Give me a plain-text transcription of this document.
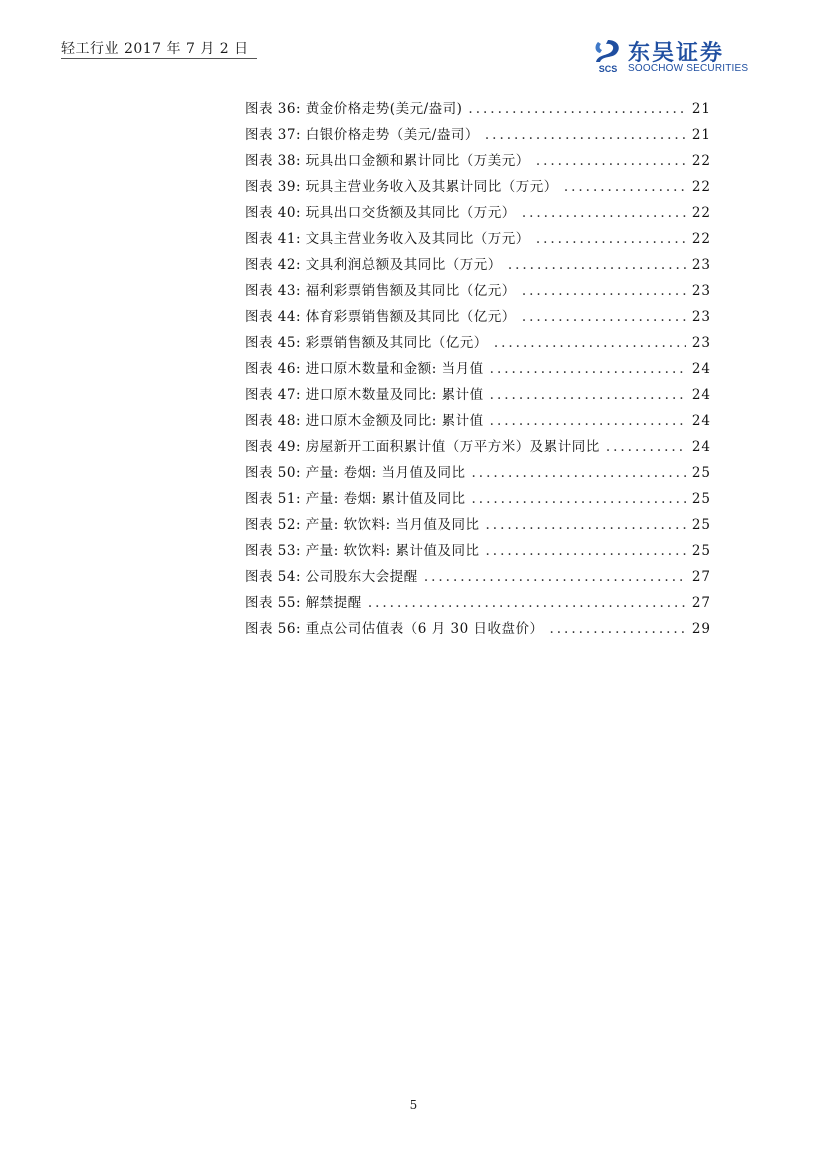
轻工行业 2017 年 7 月 2 日
SCS
东吴证券
SOOCHOW SECURITIES
图表 36: 黄金价格走势(美元/盎司) .....	21
图表 37: 白银价格走势（美元/盎司） .....	21
图表 38: 玩具出口金额和累计同比（万美元） .....	22
图表 39: 玩具主营业务收入及其累计同比（万元） .....	22
图表 40: 玩具出口交货额及其同比（万元） .....	22
图表 41: 文具主营业务收入及其同比（万元） .....	22
图表 42: 文具利润总额及其同比（万元） .....	23
图表 43: 福利彩票销售额及其同比（亿元） .....	23
图表 44: 体育彩票销售额及其同比（亿元） .....	23
图表 45: 彩票销售额及其同比（亿元） .....	23
图表 46: 进口原木数量和金额: 当月值 .....	24
图表 47: 进口原木数量及同比: 累计值 .....	24
图表 48: 进口原木金额及同比: 累计值 .....	24
图表 49: 房屋新开工面积累计值（万平方米）及累计同比 .....	24
图表 50: 产量: 卷烟: 当月值及同比 .....	25
图表 51: 产量: 卷烟: 累计值及同比 .....	25
图表 52: 产量: 软饮料: 当月值及同比 .....	25
图表 53: 产量: 软饮料: 累计值及同比 .....	25
图表 54: 公司股东大会提醒 .....	27
图表 55: 解禁提醒 .....	27
图表 56: 重点公司估值表（6 月 30 日收盘价） .....	29
5
